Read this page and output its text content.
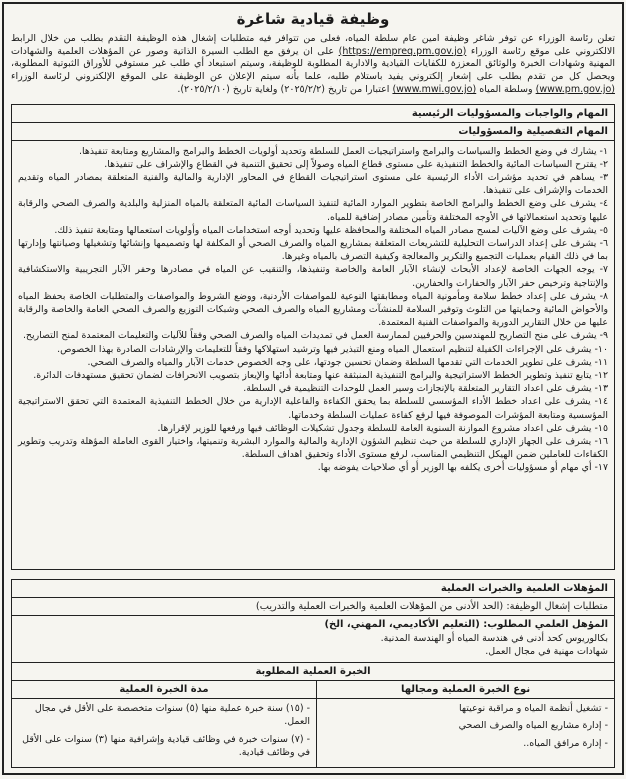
وظيفة قيادية شاغرة

تعلن رئاسة الوزراء عن توفر شاغر وظيفة امين عام سلطة المياه، فعلى من تتوافر فيه متطلبات إشغال هذه الوظيفة التقدم بطلب من خلال الرابط الالكتروني على موقع رئاسة الوزراء (https://empreq.pm.gov.jo) على ان يرفق مع الطلب السيرة الذاتية وصور عن المؤهلات العلمية والشهادات المهنية وشهادات الخبرة والوثائق المعززة للكفايات القيادية والادارية المطلوبة للوظيفة، وسيتم استبعاد أي طلب غير مستوفي للأوراق الثبوتية المطلوبة، ويحصل كل من تقدم بطلب على إشعار إلكتروني يفيد باستلام طلبه، علما بأنه سيتم الإعلان عن الوظيفة على الموقع الإلكتروني لرئاسة الوزراء (www.pm.gov.jo) وسلطة المياه (www.mwi.gov.jo) اعتبارا من تاريخ (٢٠٢٥/٢/٢) ولغاية تاريخ (٢٠٢٥/٢/١٠).

المهام والواجبات والمسؤوليات الرئيسية
المهام التفصيلية والمسؤوليات
١- يشارك في وضع الخطط والسياسات والبرامج واستراتيجيات العمل للسلطة وتحديد أولويات الخطط والبرامج والمشاريع ومتابعة تنفيذها.
٢- يقترح السياسات المائية والخطط التنفيذية على مستوى قطاع المياه وصولاً إلى تحقيق التنمية في القطاع والإشراف على تنفيذها.
٣- يساهم في تحديد مؤشرات الأداء الرئيسية على مستوى استراتيجيات القطاع في المحاور الإدارية والمالية والفنية المتعلقة بمصادر المياه وتقديم الخدمات والإشراف على تنفيذها.
٤- يشرف على وضع الخطط والبرامج الخاصة بتطوير الموارد المائية لتنفيذ السياسات المائية المتعلقة بالمياه المنزلية والبلدية والصرف الصحي والرقابة عليها وتحديد استعمالاتها في الأوجه المختلفة وتأمين مصادر إضافية للمياه.
٥- يشرف على وضع الآليات لمسح مصادر المياه المختلفة والمحافظة عليها وتحديد أوجه استخدامات المياه وأولويات استعمالها ومتابعة تنفيذ ذلك.
٦- يشرف على إعداد الدراسات التحليلية للتشريعات المتعلقة بمشاريع المياه والصرف الصحي أو المكلفة لها وتصميمها وإنشائها وتشغيلها وصيانتها وإدارتها بما في ذلك القيام بعمليات التجميع والتكرير والمعالجة وكيفية التصرف بالمياه وغيرها.
٧- يوجه الجهات الخاصة لإعداد الأبحاث لإنشاء الآبار العامة والخاصة وتنفيذها، والتنقيب عن المياه في مصادرها وحفر الآبار التجريبية والاستكشافية والإنتاجية وترخيص حفر الآبار والحفارات والحفارين.
٨- يشرف على إعداد خطط سلامة ومأمونية المياه ومطابقتها النوعية للمواصفات الأردنية، ووضع الشروط والمواصفات والمتطلبات الخاصة بحفظ المياه والأحواض المائية وحمايتها من التلوث وتوفير السلامة للمنشآت ومشاريع المياه والصرف الصحي وشبكات التوزيع والصرف الصحي العامة والخاصة والرقابة عليها من خلال التقارير الدورية والمواصفات الفنية المعتمدة.
٩- يشرف على منح التصاريح للمهندسين والحرفيين لممارسة العمل في تمديدات المياه والصرف الصحي وفقاً للآليات والتعليمات المعتمدة لمنح التصاريح.
١٠- يشرف على الإجراءات الكفيلة لتنظيم استعمال المياه ومنع التبذير فيها وترشيد استهلاكها وفقاً للتعليمات والإرشادات الصادرة بهذا الخصوص.
١١- يشرف على تطوير الخدمات التي تقدمها السلطة وضمان تحسين جودتها، على وجه الخصوص خدمات الآبار والمياه والصرف الصحي.
١٢- يتابع تنفيذ وتطوير الخطط الاستراتيجية والبرامج التنفيذية المنبثقة عنها ومتابعة أدائها والإيعاز بتصويب الانحرافات لضمان تحقيق مستهدفات الدائرة.
١٣- يشرف على اعداد التقارير المتعلقة بالإنجازات وسير العمل للوحدات التنظيمية في السلطة.
١٤- يشرف على اعداد خطط الأداء المؤسسي للسلطة بما يحقق الكفاءة والفاعلية الإدارية من خلال الخطط التنفيذية المعتمدة التي تحقق الاستراتيجية المؤسسية ومتابعة المؤشرات الموصوفة فيها لرفع كفاءة عمليات السلطة وخدماتها.
١٥- يشرف على اعداد مشروع الموازنة السنوية العامة للسلطة وجدول تشكيلات الوظائف فيها ورفعها للوزير لإقرارها.
١٦- يشرف على الجهاز الإداري للسلطة من حيث تنظيم الشؤون الإدارية والمالية والموارد البشرية وتنميتها، واختيار القوى العاملة المؤهلة وتدريب وتطوير الكفاءات للعاملين ضمن الهيكل التنظيمي المناسب، لرفع مستوى الأداء وتحقيق اهداف السلطة.
١٧- أي مهام أو مسؤوليات أخرى يكلفه بها الوزير أو أي صلاحيات يفوضه بها.
المؤهلات العلمية والخبرات العملية
متطلبات إشغال الوظيفة: (الحد الأدنى من المؤهلات العلمية والخبرات العملية والتدريب)
المؤهل العلمي المطلوب: (التعليم الأكاديمي، المهني، الخ)
بكالوريوس كحد أدنى في هندسة المياه أو الهندسة المدنية.
شهادات مهنية في مجال العمل.
الخبرة العملية المطلوبة
نوع الخبرة العملية ومجالها
مدة الخبرة العملية
- تشغيل أنظمة المياه و مراقبة نوعيتها
- إدارة مشاريع المياه والصرف الصحي
- إدارة مرافق المياه..
- (١٥) سنة خبرة عملية منها (٥) سنوات متخصصة على الأقل في مجال العمل.
- (٧) سنوات خبرة في وظائف قيادية وإشرافية منها (٣) سنوات على الأقل في وظائف قيادية.
